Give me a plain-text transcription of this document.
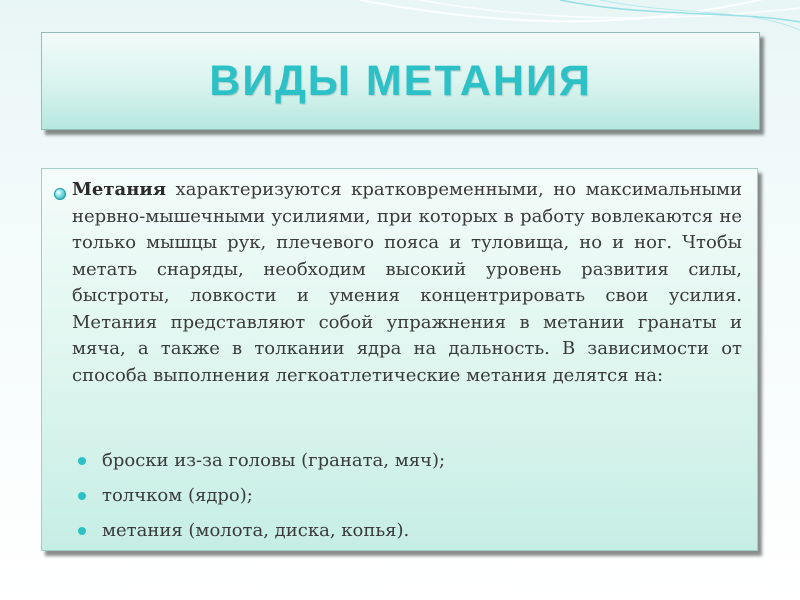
ВИДЫ МЕТАНИЯ

Метания характеризуются кратковременными, но максимальными нервно-мышечными усилиями, при которых в работу вовлекаются не только мышцы рук, плечевого пояса и туловища, но и ног. Чтобы метать снаряды, необходим высокий уровень развития силы, быстроты, ловкости и умения концентрировать свои усилия. Метания представляют собой упражнения в метании гранаты и мяча, а также в толкании ядра на дальность. В зависимости от способа выполнения легкоатлетические метания делятся на:

броски из-за головы (граната, мяч);
толчком (ядро);
метания (молота, диска, копья).
